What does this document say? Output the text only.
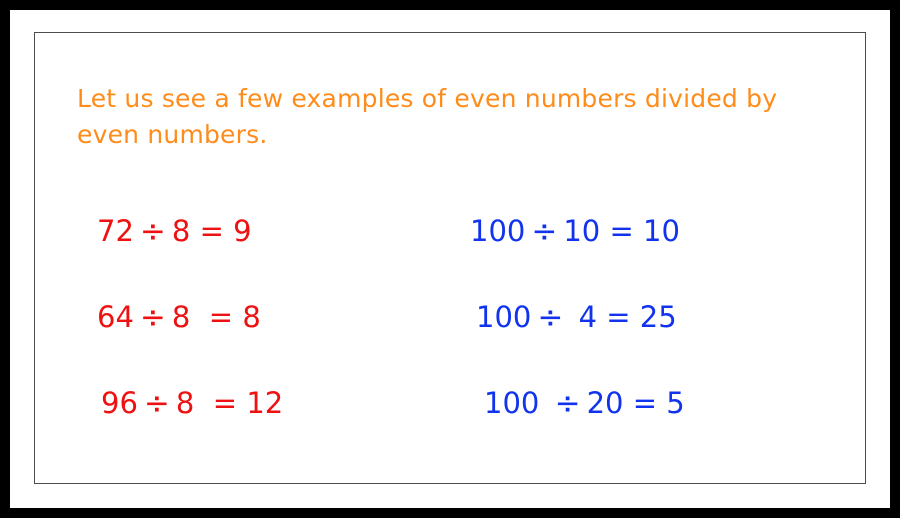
Let us see a few examples of even numbers divided by even numbers.
72 ÷ 8
=
9
64 ÷ 8
=
8
96 ÷ 8
=
12
100 ÷ 10
=
10
100 ÷
4
=
25
100
÷ 20
=
5
